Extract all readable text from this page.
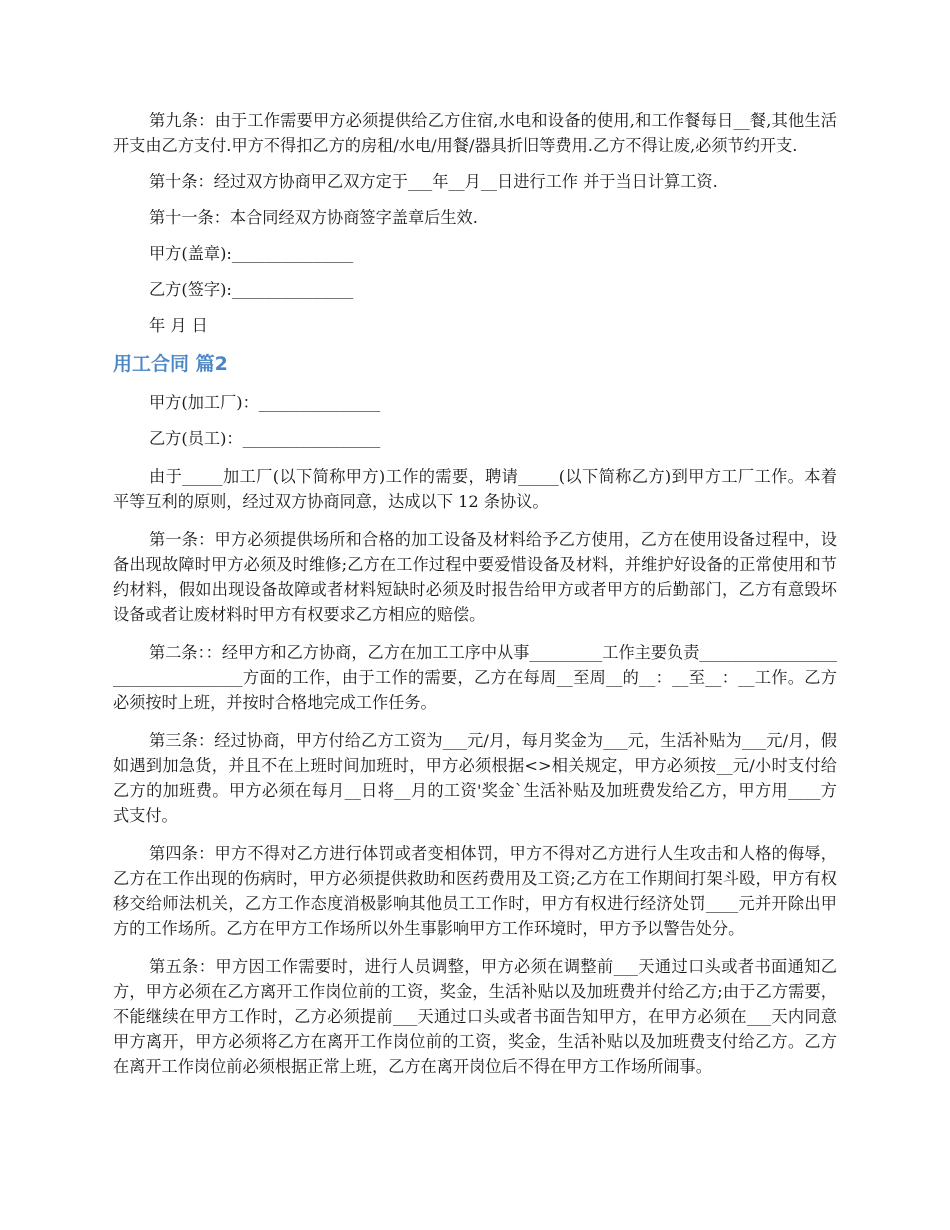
第九条：由于工作需要甲方必须提供给乙方住宿,水电和设备的使用,和工作餐每日__餐,其他生活开支由乙方支付.甲方不得扣乙方的房租/水电/用餐/器具折旧等费用.乙方不得让废,必须节约开支.

第十条：经过双方协商甲乙双方定于___年__月__日进行工作 并于当日计算工资.

第十一条：本合同经双方协商签字盖章后生效.

甲方(盖章):_______________

乙方(签字):_______________

年 月 日

用工合同 篇2

甲方(加工厂)：_______________

乙方(员工)：_________________

由于_____加工厂(以下简称甲方)工作的需要，聘请_____(以下简称乙方)到甲方工厂工作。本着平等互利的原则，经过双方协商同意，达成以下 12 条协议。

第一条：甲方必须提供场所和合格的加工设备及材料给予乙方使用，乙方在使用设备过程中，设备出现故障时甲方必须及时维修;乙方在工作过程中要爱惜设备及材料，并维护好设备的正常使用和节约材料，假如出现设备故障或者材料短缺时必须及时报告给甲方或者甲方的后勤部门，乙方有意毁坏设备或者让废材料时甲方有权要求乙方相应的赔偿。

第二条：：经甲方和乙方协商，乙方在加工工序中从事_________工作主要负责_________________________________方面的工作，由于工作的需要，乙方在每周__至周__的__：__至__：__工作。乙方必须按时上班，并按时合格地完成工作任务。

第三条：经过协商，甲方付给乙方工资为___元/月，每月奖金为___元，生活补贴为___元/月，假如遇到加急货，并且不在上班时间加班时，甲方必须根据<>相关规定，甲方必须按__元/小时支付给乙方的加班费。甲方必须在每月__日将__月的工资'奖金`生活补贴及加班费发给乙方，甲方用____方式支付。

第四条：甲方不得对乙方进行体罚或者变相体罚，甲方不得对乙方进行人生攻击和人格的侮辱，乙方在工作出现的伤病时，甲方必须提供救助和医药费用及工资;乙方在工作期间打架斗殴，甲方有权移交给师法机关，乙方工作态度消极影响其他员工工作时，甲方有权进行经济处罚____元并开除出甲方的工作场所。乙方在甲方工作场所以外生事影响甲方工作环境时，甲方予以警告处分。

第五条：甲方因工作需要时，进行人员调整，甲方必须在调整前___天通过口头或者书面通知乙方，甲方必须在乙方离开工作岗位前的工资，奖金，生活补贴以及加班费并付给乙方;由于乙方需要，不能继续在甲方工作时，乙方必须提前___天通过口头或者书面告知甲方，在甲方必须在___天内同意甲方离开，甲方必须将乙方在离开工作岗位前的工资，奖金，生活补贴以及加班费支付给乙方。乙方在离开工作岗位前必须根据正常上班，乙方在离开岗位后不得在甲方工作场所闹事。
